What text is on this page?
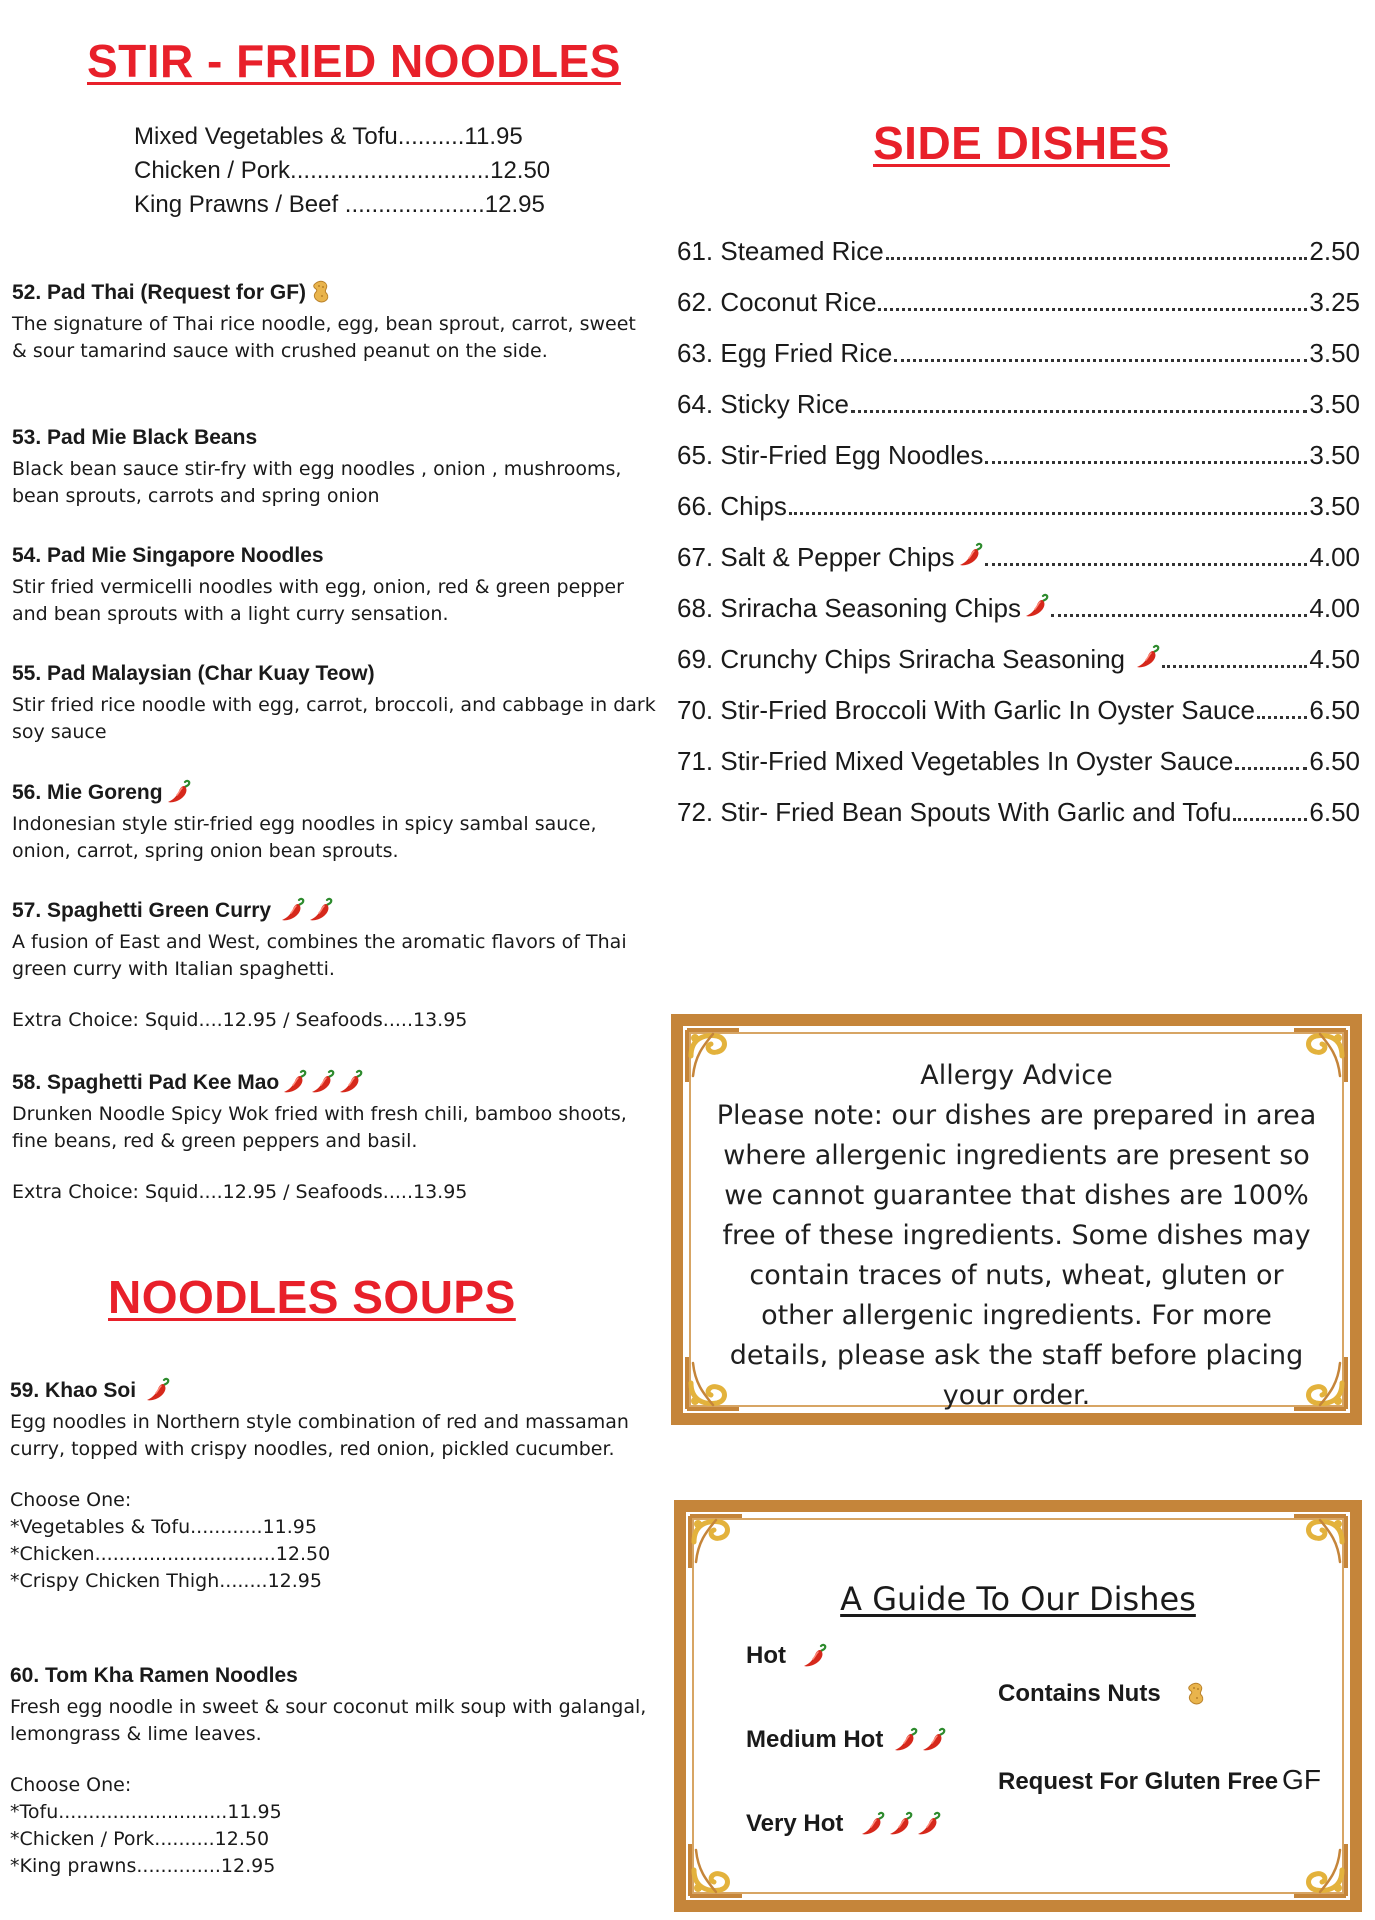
STIR - FRIED NOODLES
Mixed Vegetables & Tofu..........11.95
Chicken / Pork..............................12.50
King Prawns / Beef .....................12.95
52. Pad Thai (Request for GF)
The signature of Thai rice noodle, egg, bean sprout, carrot, sweet & sour tamarind sauce with crushed peanut on the side.
53. Pad Mie Black Beans
Black bean sauce stir-fry with egg noodles , onion , mushrooms, bean sprouts, carrots and spring onion
54. Pad Mie Singapore Noodles
Stir fried vermicelli noodles with egg, onion, red & green pepper and bean sprouts with a light curry sensation.
55. Pad Malaysian (Char Kuay Teow)
Stir fried rice noodle with egg, carrot, broccoli, and cabbage in dark soy sauce
56. Mie Goreng
Indonesian style stir-fried egg noodles in spicy sambal sauce, onion, carrot, spring onion bean sprouts.
57. Spaghetti Green Curry
A fusion of East and West, combines the aromatic flavors of Thai green curry with Italian spaghetti.
Extra Choice: Squid....12.95 / Seafoods.....13.95
58. Spaghetti Pad Kee Mao
Drunken Noodle Spicy Wok fried with fresh chili, bamboo shoots, fine beans, red & green peppers and basil.
Extra Choice: Squid....12.95 / Seafoods.....13.95
NOODLES SOUPS
59. Khao Soi
Egg noodles in Northern style combination of red and massaman curry, topped with crispy noodles, red onion, pickled cucumber.
Choose One:
*Vegetables & Tofu............11.95
*Chicken..............................12.50
*Crispy Chicken Thigh........12.95
60. Tom Kha Ramen Noodles
Fresh egg noodle in sweet & sour coconut milk soup with galangal, lemongrass & lime leaves.
Choose One:
*Tofu............................11.95
*Chicken / Pork..........12.50
*King prawns..............12.95
SIDE DISHES
61. Steamed Rice	2.50
62. Coconut Rice	3.25
63. Egg Fried Rice	3.50
64. Sticky Rice	3.50
65. Stir-Fried Egg Noodles	3.50
66. Chips	3.50
67. Salt & Pepper Chips	4.00
68. Sriracha Seasoning Chips	4.00
69. Crunchy Chips Sriracha Seasoning
	4.50
70. Stir-Fried Broccoli With Garlic In Oyster Sauce 6.50
71. Stir-Fried Mixed Vegetables In Oyster Sauce	6.50
72. Stir- Fried Bean Spouts With Garlic and Tofu	6.50
Allergy Advice
Please note: our dishes are prepared in area where allergenic ingredients are present so we cannot guarantee that dishes are 100% free of these ingredients. Some dishes may contain traces of nuts, wheat, gluten or other allergenic ingredients. For more details, please ask the staff before placing your order.
A Guide To Our Dishes
Hot
Contains Nuts
Medium Hot
Request For Gluten Free GF
Very Hot
